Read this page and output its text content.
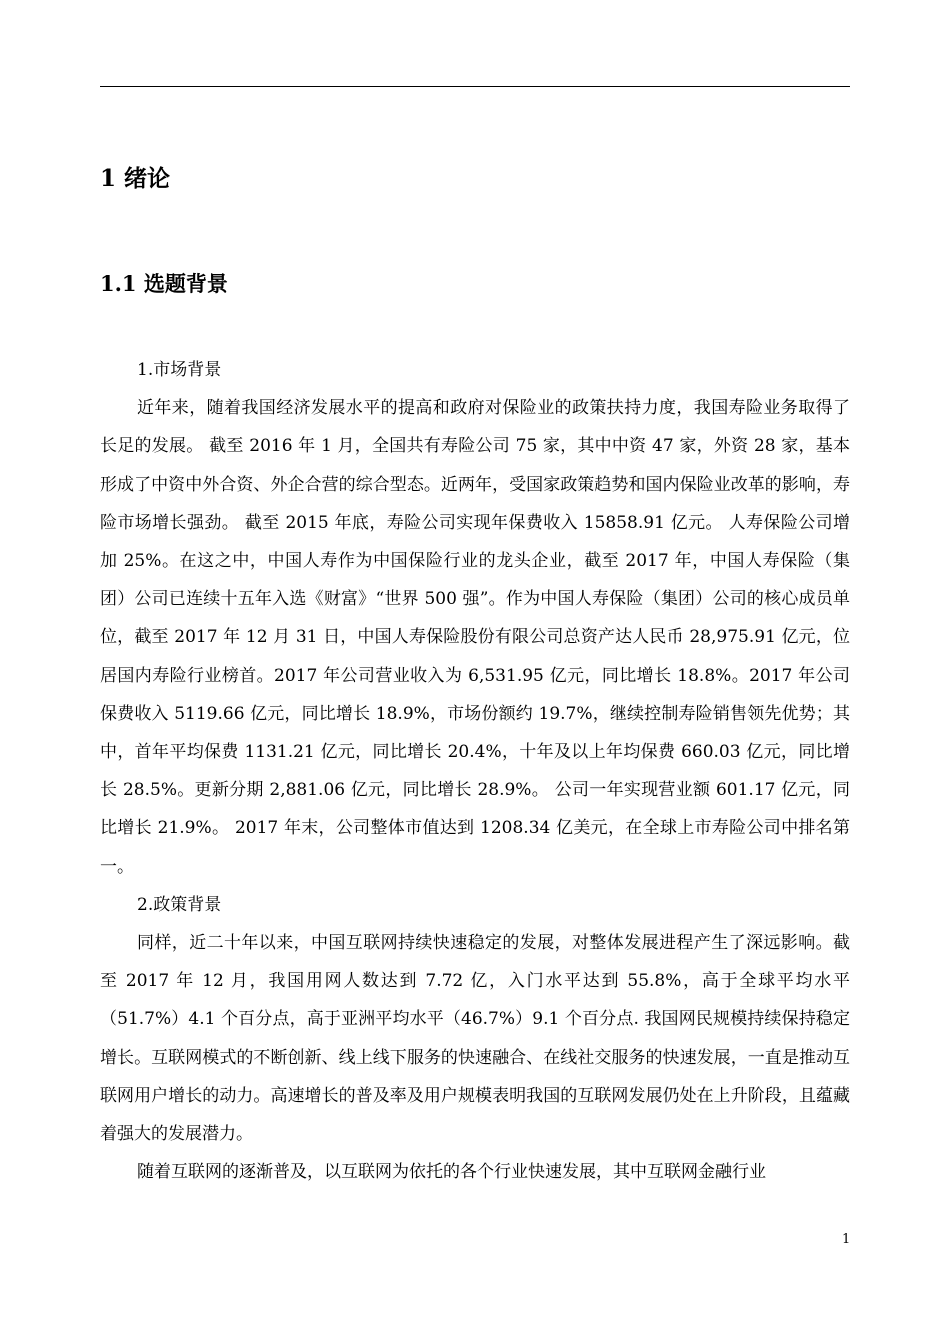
1 绪论
1.1 选题背景

1.市场背景

近年来，随着我国经济发展水平的提高和政府对保险业的政策扶持力度，我国寿险业务取得了长足的发展。 截至 2016 年 1 月，全国共有寿险公司 75 家，其中中资 47 家，外资 28 家，基本形成了中资中外合资、外企合营的综合型态。近两年，受国家政策趋势和国内保险业改革的影响，寿险市场增长强劲。 截至 2015 年底，寿险公司实现年保费收入 15858.91 亿元。 人寿保险公司增加 25%。在这之中，中国人寿作为中国保险行业的龙头企业，截至 2017 年，中国人寿保险（集团）公司已连续十五年入选《财富》“世界 500 强”。作为中国人寿保险（集团）公司的核心成员单位，截至 2017 年 12 月 31 日，中国人寿保险股份有限公司总资产达人民币 28,975.91 亿元，位居国内寿险行业榜首。2017 年公司营业收入为 6,531.95 亿元，同比增长 18.8%。2017 年公司保费收入 5119.66 亿元，同比增长 18.9%，市场份额约 19.7%，继续控制寿险销售领先优势；其中，首年平均保费 1131.21 亿元，同比增长 20.4%，十年及以上年均保费 660.03 亿元，同比增长 28.5%。更新分期 2,881.06 亿元，同比增长 28.9%。 公司一年实现营业额 601.17 亿元，同比增长 21.9%。 2017 年末，公司整体市值达到 1208.34 亿美元，在全球上市寿险公司中排名第一。

2.政策背景

同样，近二十年以来，中国互联网持续快速稳定的发展，对整体发展进程产生了深远影响。截至 2017 年 12 月，我国用网人数达到 7.72 亿，入门水平达到 55.8%，高于全球平均水平（51.7%）4.1 个百分点，高于亚洲平均水平（46.7%）9.1 个百分点. 我国网民规模持续保持稳定增长。互联网模式的不断创新、线上线下服务的快速融合、在线社交服务的快速发展，一直是推动互联网用户增长的动力。高速增长的普及率及用户规模表明我国的互联网发展仍处在上升阶段，且蕴藏着强大的发展潜力。

随着互联网的逐渐普及，以互联网为依托的各个行业快速发展，其中互联网金融行业

1
